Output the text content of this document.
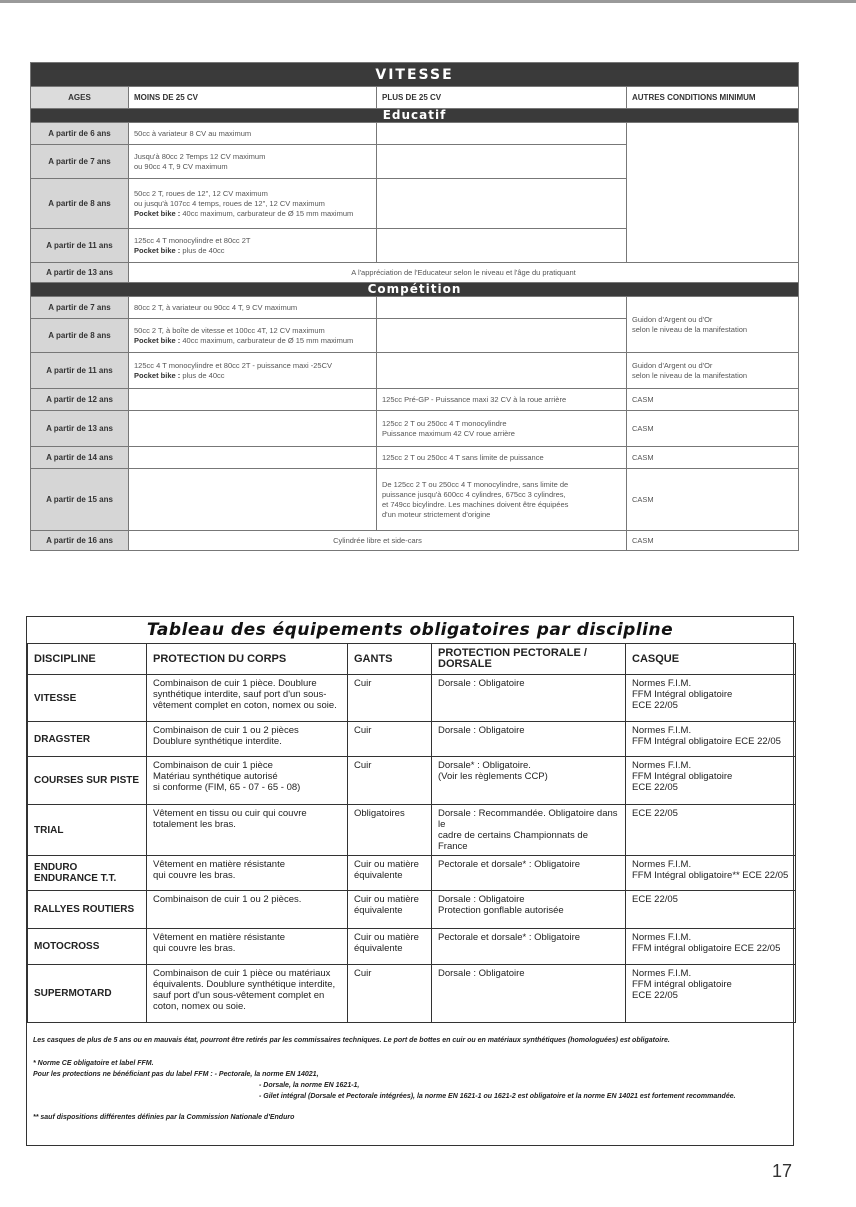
VITESSE			
AGES	MOINS DE 25 CV	PLUS DE 25 CV	AUTRES CONDITIONS MINIMUM
Educatif			
A partir de 6 ans	50cc à variateur 8 CV au maximum		
A partir de 7 ans	Jusqu'à 80cc 2 Temps 12 CV maximum
ou 90cc 4 T, 9 CV maximum		
A partir de 8 ans	50cc 2 T, roues de 12", 12 CV maximum
ou jusqu'à 107cc 4 temps, roues de 12", 12 CV maximum
Pocket bike : 40cc maximum, carburateur de Ø 15 mm maximum		
A partir de 11 ans	125cc 4 T monocylindre et 80cc 2T
Pocket bike : plus de 40cc		
A partir de 13 ans	A l'appréciation de l'Educateur selon le niveau et l'âge du pratiquant		
Compétition			
A partir de 7 ans	80cc 2 T, à variateur ou 90cc 4 T, 9 CV maximum		Guidon d'Argent ou d'Or
selon le niveau de la manifestation
A partir de 8 ans	50cc 2 T, à boîte de vitesse et 100cc 4T, 12 CV maximum
Pocket bike : 40cc maximum, carburateur de Ø 15 mm maximum		
A partir de 11 ans	125cc 4 T monocylindre et 80cc 2T - puissance maxi -25CV
Pocket bike : plus de 40cc		Guidon d'Argent ou d'Or
selon le niveau de la manifestation
A partir de 12 ans		125cc Pré-GP - Puissance maxi 32 CV à la roue arrière	CASM
A partir de 13 ans		125cc 2 T ou 250cc 4 T monocylindre
Puissance maximum 42 CV roue arrière	CASM
A partir de 14 ans		125cc 2 T ou 250cc 4 T sans limite de puissance	CASM
A partir de 15 ans		De 125cc 2 T ou 250cc 4 T monocylindre, sans limite de
puissance jusqu'à 600cc 4 cylindres, 675cc 3 cylindres,
et 749cc bicylindre. Les machines doivent être équipées
d'un moteur strictement d'origine	CASM
A partir de 16 ans	Cylindrée libre et side-cars		CASM
Tableau des équipements obligatoires par discipline
DISCIPLINE	PROTECTION DU CORPS	GANTS	PROTECTION PECTORALE / DORSALE	CASQUE
VITESSE	Combinaison de cuir 1 pièce. Doublure
synthétique interdite, sauf port d'un sous-
vêtement complet en coton, nomex ou soie.	Cuir	Dorsale : Obligatoire	Normes F.I.M.
FFM Intégral obligatoire
ECE 22/05
DRAGSTER	Combinaison de cuir 1 ou 2 pièces
Doublure synthétique interdite.	Cuir	Dorsale : Obligatoire	Normes F.I.M.
FFM Intégral obligatoire ECE 22/05
COURSES SUR PISTE	Combinaison de cuir 1 pièce
Matériau synthétique autorisé
si conforme (FIM, 65 - 07 - 65 - 08)	Cuir	Dorsale* : Obligatoire.
(Voir les règlements CCP)	Normes F.I.M.
FFM Intégral obligatoire
ECE 22/05
TRIAL	Vêtement en tissu ou cuir qui couvre
totalement les bras.	Obligatoires	Dorsale : Recommandée. Obligatoire dans le
cadre de certains Championnats de France	ECE 22/05
ENDURO
ENDURANCE T.T.	Vêtement en matière résistante
qui couvre les bras.	Cuir ou matière
équivalente	Pectorale et dorsale* : Obligatoire	Normes F.I.M.
FFM Intégral obligatoire** ECE 22/05
RALLYES ROUTIERS	Combinaison de cuir 1 ou 2 pièces.	Cuir ou matière
équivalente	Dorsale : Obligatoire
Protection gonflable autorisée	ECE 22/05
MOTOCROSS	Vêtement en matière résistante
qui couvre les bras.	Cuir ou matière
équivalente	Pectorale et dorsale* : Obligatoire	Normes F.I.M.
FFM intégral obligatoire ECE 22/05
SUPERMOTARD	Combinaison de cuir 1 pièce ou matériaux
équivalents. Doublure synthétique interdite,
sauf port d'un sous-vêtement complet en
coton, nomex ou soie.	Cuir	Dorsale : Obligatoire	Normes F.I.M.
FFM intégral obligatoire
ECE 22/05

Les casques de plus de 5 ans ou en mauvais état, pourront être retirés par les commissaires techniques. Le port de bottes en cuir ou en matériaux synthétiques (homologuées) est obligatoire.

* Norme CE obligatoire et label FFM.

Pour les protections ne bénéficiant pas du label FFM : - Pectorale, la norme EN 14021,

- Dorsale, la norme EN 1621-1,

- Gilet intégral (Dorsale et Pectorale intégrées), la norme EN 1621-1 ou 1621-2 est obligatoire et la norme EN 14021 est fortement recommandée.

** sauf dispositions différentes définies par la Commission Nationale d'Enduro

17
